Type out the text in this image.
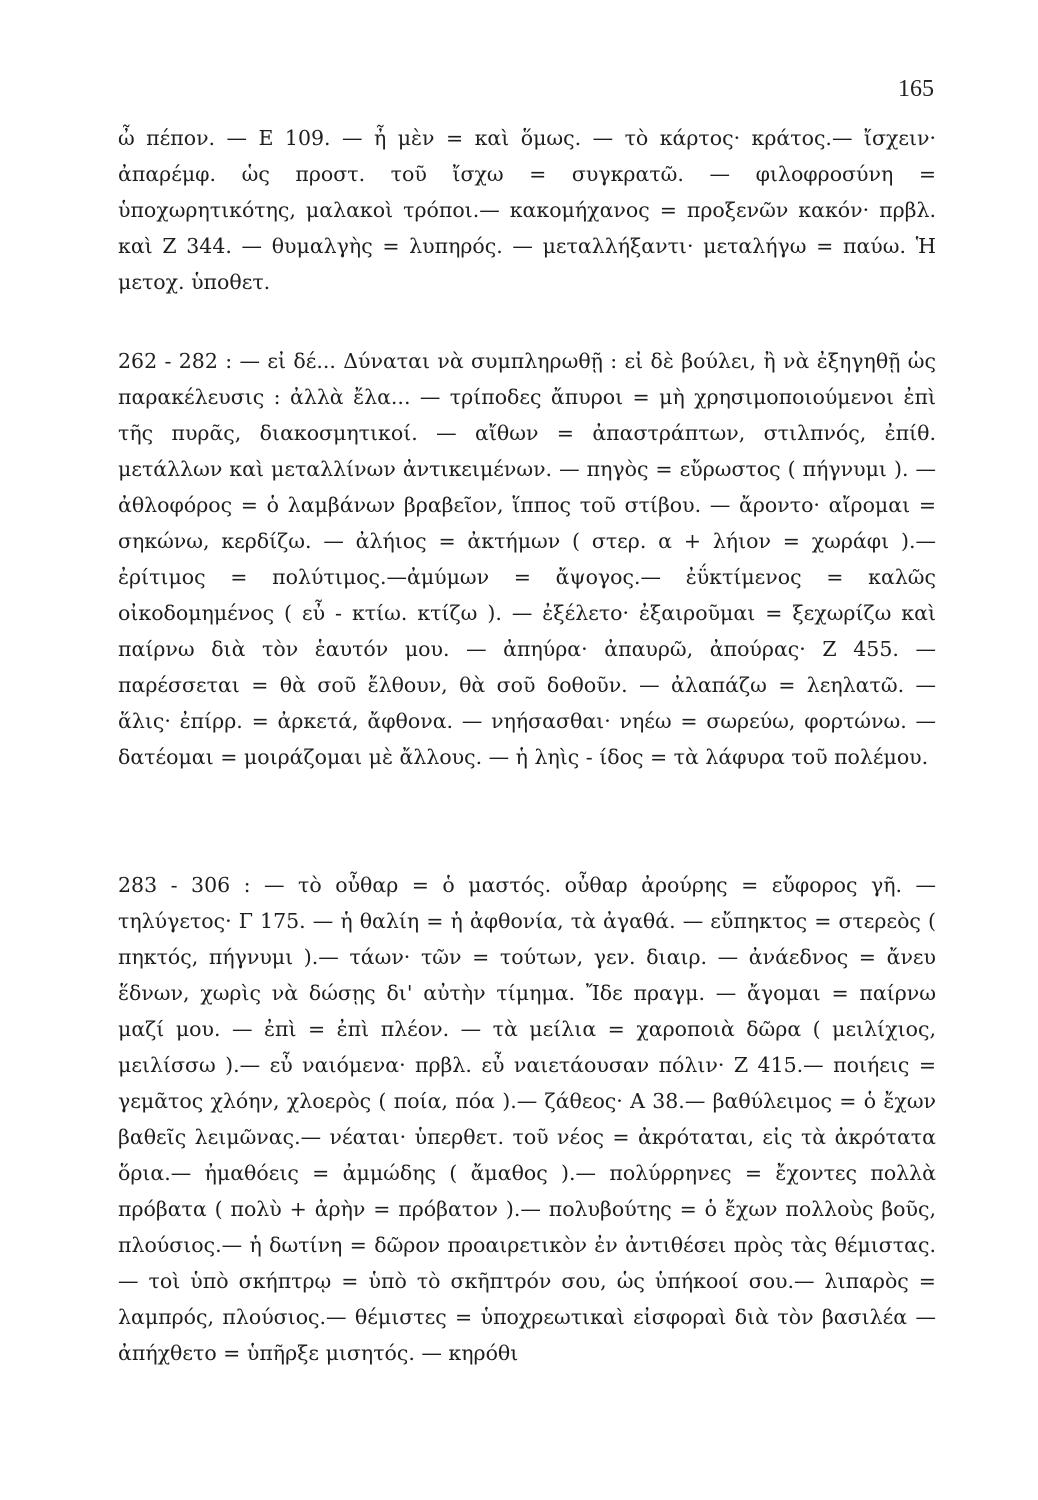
165
ὦ πέπον. — Ε 109. — ἦ μὲν = καὶ ὅμως. — τὸ κάρτος· κράτος.— ἴσχειν· ἀπαρέμφ. ὡς προστ. τοῦ ἴσχω = συγκρατῶ. — φιλοφροσύνη = ὑποχωρητικότης, μαλακοὶ τρόποι.— κακομήχανος = προξενῶν κακόν· πρβλ. καὶ Ζ 344. — θυμαλγὴς = λυπηρός. — μεταλλήξαντι· μεταλήγω = παύω. Ἡ μετοχ. ὑποθετ.
262 - 282 : — εἰ δέ... Δύναται νὰ συμπληρωθῇ : εἰ δὲ βούλει, ἢ νὰ ἐξηγηθῇ ὡς παρακέλευσις : ἀλλὰ ἔλα... — τρίποδες ἄπυροι = μὴ χρησιμοποιούμενοι ἐπὶ τῆς πυρᾶς, διακοσμητικοί. — αἴθων = ἀπαστράπτων, στιλπνός, ἐπίθ. μετάλλων καὶ μεταλλίνων ἀντικειμένων. — πηγὸς = εὔρωστος ( πήγνυμι ). — ἀθλοφόρος = ὁ λαμβάνων βραβεῖον, ἵππος τοῦ στίβου. — ἄροντο· αἴρομαι = σηκώνω, κερδίζω. — ἀλήιος = ἀκτήμων ( στερ. α + λήιον = χωράφι ).—ἐρίτιμος = πολύτιμος.—ἀμύμων = ἄψογος.— ἐΰκτίμενος = καλῶς οἰκοδομημένος ( εὖ - κτίω. κτίζω ). — ἐξέλετο· ἐξαιροῦμαι = ξεχωρίζω καὶ παίρνω διὰ τὸν ἑαυτόν μου. — ἀπηύρα· ἀπαυρῶ, ἀπούρας· Ζ 455. — παρέσσεται = θὰ σοῦ ἔλθουν, θὰ σοῦ δοθοῦν. — ἀλαπάζω = λεηλατῶ. — ἅλις· ἐπίρρ. = ἀρκετά, ἄφθονα. — νηήσασθαι· νηέω = σωρεύω, φορτώνω. — δατέομαι = μοιράζομαι μὲ ἄλλους. — ἡ ληὶς - ίδος = τὰ λάφυρα τοῦ πολέμου.
283 - 306 : — τὸ οὖθαρ = ὁ μαστός. οὖθαρ ἀρούρης = εὔφορος γῆ. — τηλύγετος· Γ 175. — ἡ θαλίη = ἡ ἀφθονία, τὰ ἀγαθά. — εὔπηκτος = στερεὸς ( πηκτός, πήγνυμι ).— τάων· τῶν = τούτων, γεν. διαιρ. — ἀνάεδνος = ἄνευ ἕδνων, χωρὶς νὰ δώσῃς δι' αὐτὴν τίμημα. Ἴδε πραγμ. — ἄγομαι = παίρνω μαζί μου. — ἐπὶ = ἐπὶ πλέον. — τὰ μείλια = χαροποιὰ δῶρα ( μειλίχιος, μειλίσσω ).— εὖ ναιόμενα· πρβλ. εὖ ναιετάουσαν πόλιν· Ζ 415.— ποιήεις = γεμᾶτος χλόην, χλοερὸς ( ποία, πόα ).— ζάθεος· Α 38.— βαθύλειμος = ὁ ἔχων βαθεῖς λειμῶνας.— νέαται· ὑπερθετ. τοῦ νέος = ἀκρόταται, εἰς τὰ ἀκρότατα ὅρια.— ἠμαθόεις = ἀμμώδης ( ἄμαθος ).— πολύρρηνες = ἔχοντες πολλὰ πρόβατα ( πολὺ + ἀρὴν = πρόβατον ).— πολυβούτης = ὁ ἔχων πολλοὺς βοῦς, πλούσιος.— ἡ δωτίνη = δῶρον προαιρετικὸν ἐν ἀντιθέσει πρὸς τὰς θέμιστας.— τοὶ ὑπὸ σκήπτρῳ = ὑπὸ τὸ σκῆπτρόν σου, ὡς ὑπήκοοί σου.— λιπαρὸς = λαμπρός, πλούσιος.— θέμιστες = ὑποχρεωτικαὶ εἰσφοραὶ διὰ τὸν βασιλέα — ἀπήχθετο = ὑπῆρξε μισητός. — κηρόθι
